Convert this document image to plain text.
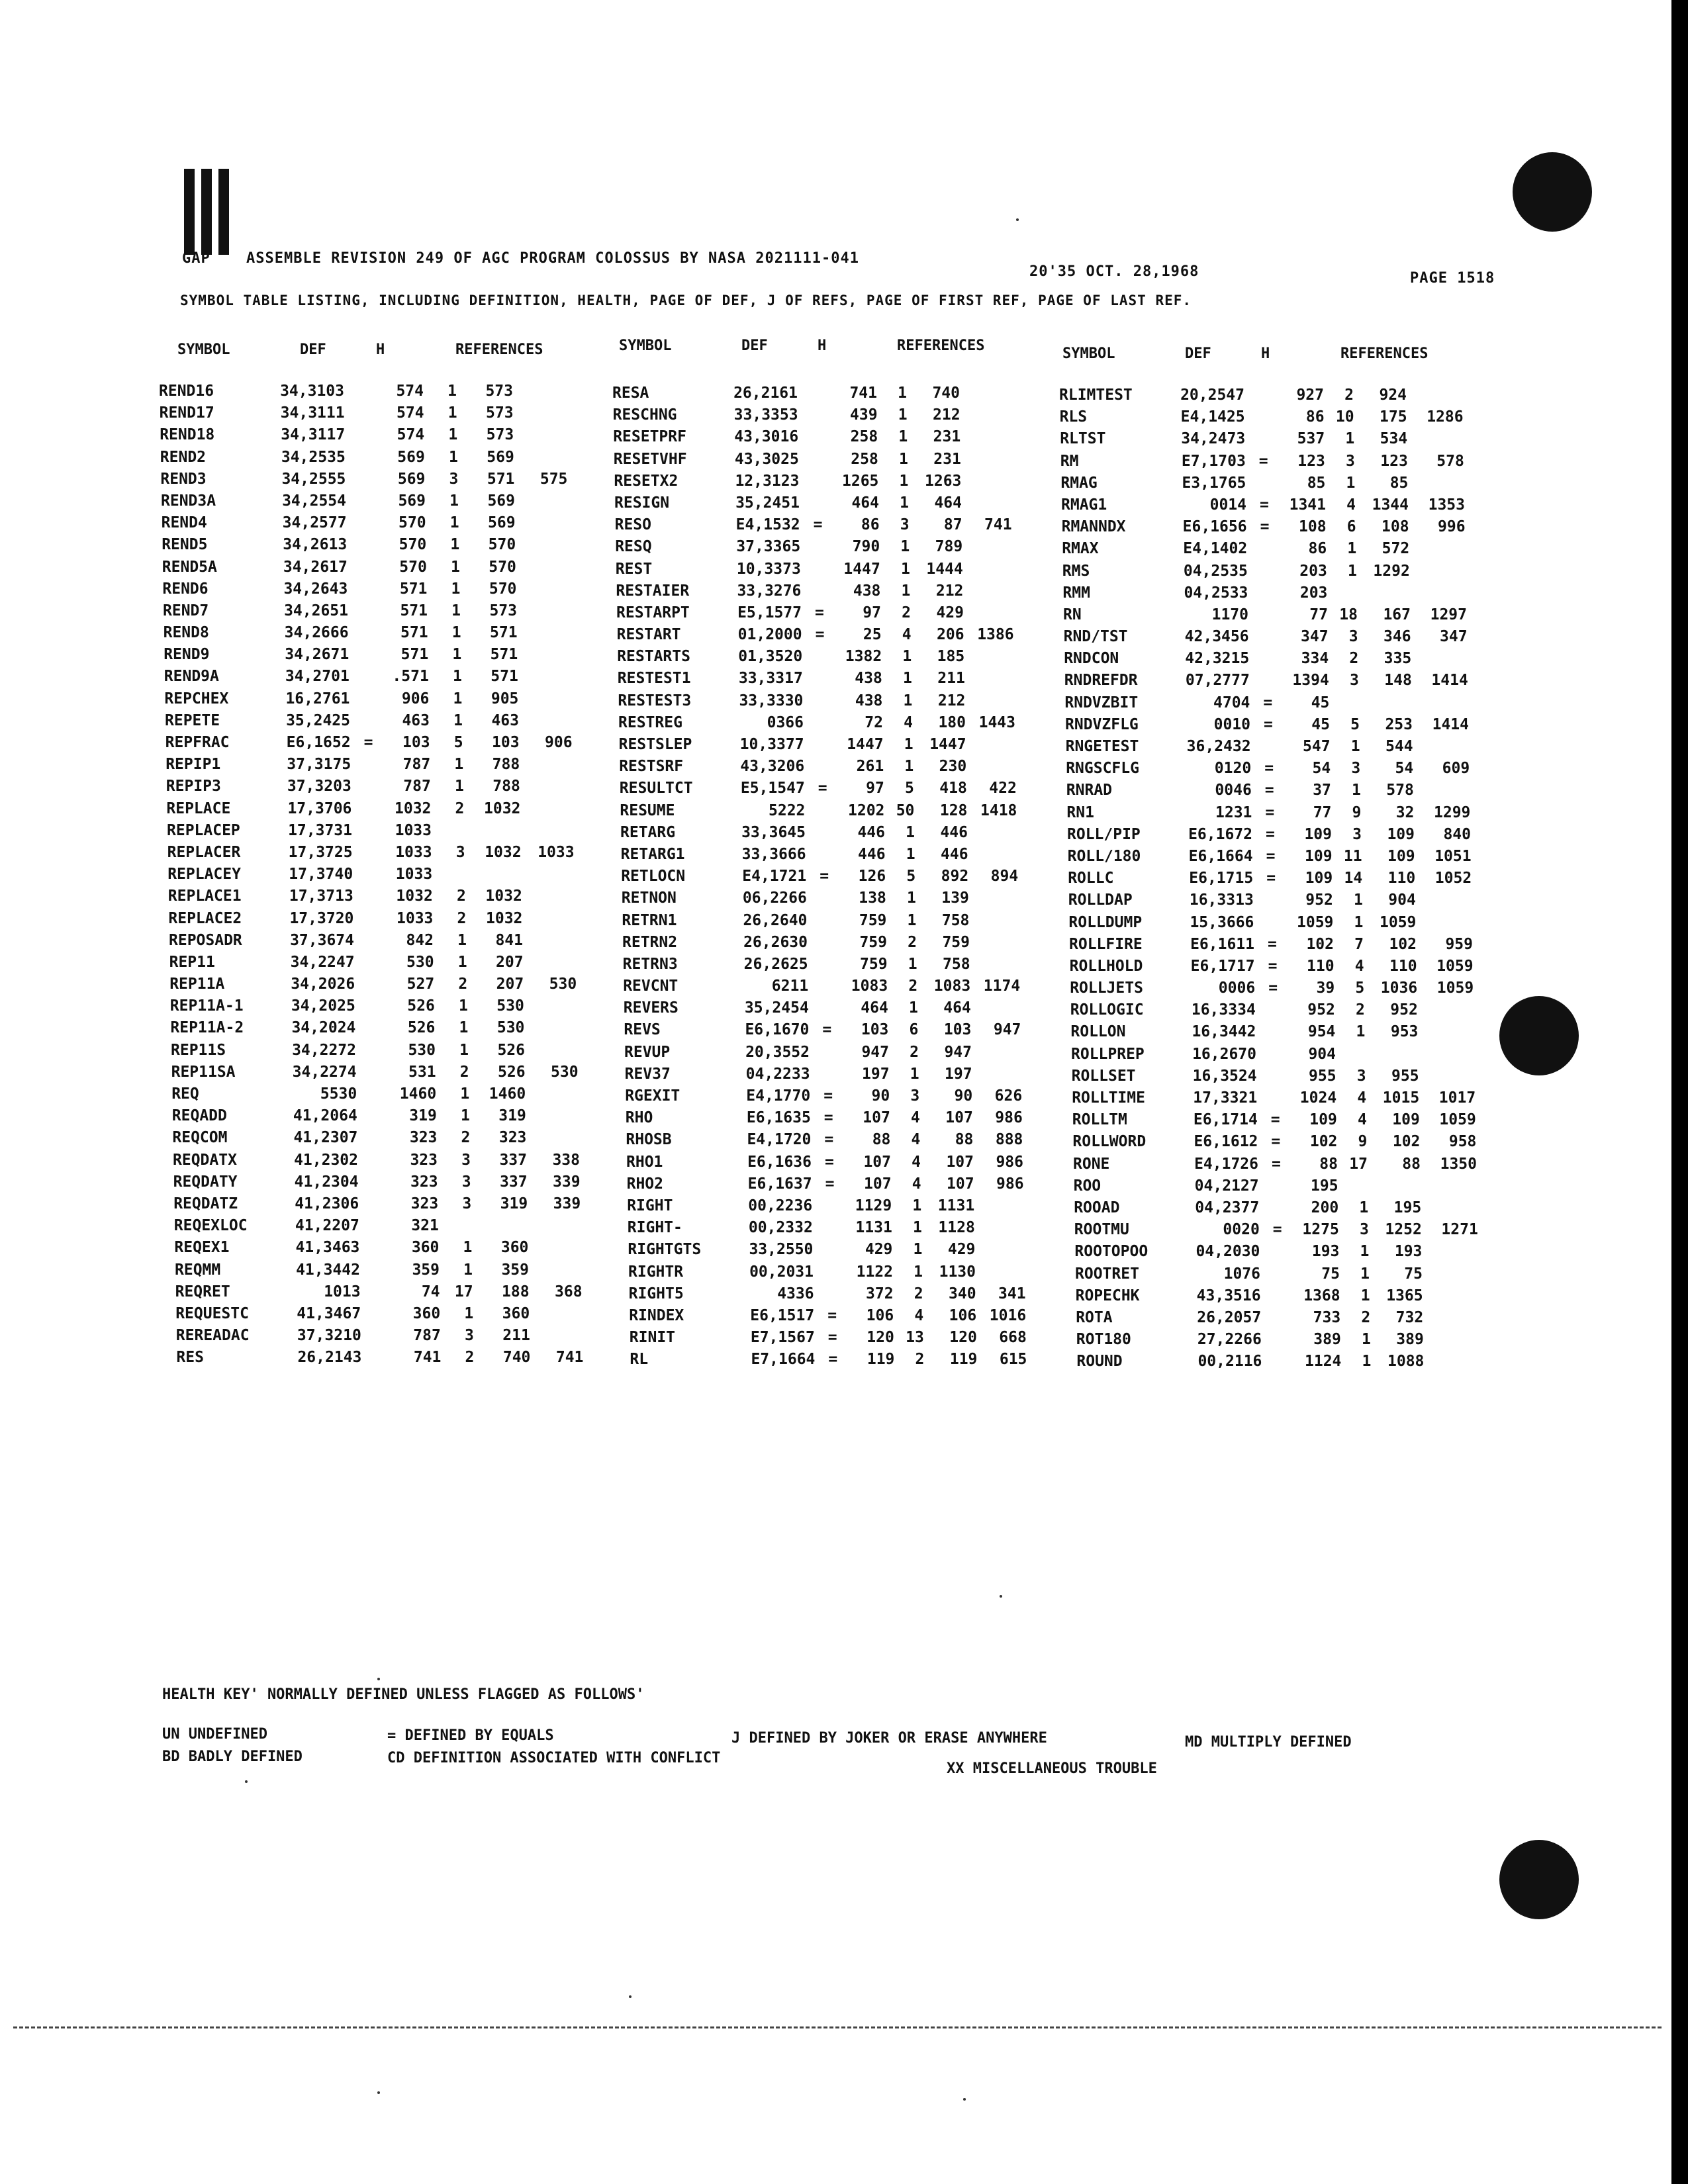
GAP ASSEMBLE REVISION 249 OF AGC PROGRAM COLOSSUS BY NASA 2021111-041
20'35 OCT. 28,1968	PAGE 1518
SYMBOL TABLE LISTING, INCLUDING DEFINITION, HEALTH, PAGE OF DEF, J OF REFS, PAGE OF FIRST REF, PAGE OF LAST REF.
SYMBOL	DEF	H	REFERENCES	SYMBOL	DEF	H	REFERENCES	SYMBOL	DEF	H	REFERENCES
REND16	34,3103	574	1	573	RESA	26,2161	741	1	740	RLIMTEST	20,2547	927	2	924
REND17	34,3111	574	1	573	RESCHNG	33,3353	439	1	212	RLS	E4,1425	86 10	175	1286
REND18	34,3117	574	1	573	RESETPRF	43,3016	258	1	231	RLTST	34,2473	537	1	534
REND2	34,2535	569	1	569	RESETVHF	43,3025	258	1	231	RM	E7,1703 =	123	3	123	578
REND3	34,2555	569	3	571	575	RESETX2	12,3123	1265	1	1263	RMAG	E3,1765	85	1	85
REND3A	34,2554	569	1	569	RESIGN	35,2451	464	1	464	RMAG1	0014 =	1341	4	1344	1353
REND4	34,2577	570	1	569	RESO	E4,1532 =	86	3	87	741	RMANNDX	E6,1656 =	108	6	108	996
REND5	34,2613	570	1	570	RESQ	37,3365	790	1	789	RMAX	E4,1402	86	1	572
REND5A	34,2617	570	1	570	REST	10,3373	1447	1	1444	RMS	04,2535	203	1	1292
REND6	34,2643	571	1	570	RESTAIER	33,3276	438	1	212	RMM	04,2533	203
REND7	34,2651	571	1	573	RESTARPT	E5,1577 =	97	2	429	RN	1170	77 18	167	1297
REND8	34,2666	571	1	571	RESTART	01,2000 =	25	4	206 1386	RND/TST	42,3456	347	3	346	347
REND9	34,2671	571	1	571	RESTARTS	01,3520	1382	1	185	RNDCON	42,3215	334	2	335
REND9A	34,2701	.571	1	571	RESTEST1	33,3317	438	1	211	RNDREFDR	07,2777	1394	3	148	1414
REPCHEX	16,2761	906	1	905	RESTEST3	33,3330	438	1	212	RNDVZBIT	4704 =	45
REPETE	35,2425	463	1	463	RESTREG	0366	72	4	180 1443	RNDVZFLG	0010 =	45	5	253	1414
REPFRAC	E6,1652 =	103	5	103	906	RESTSLEP	10,3377	1447	1	1447	RNGETEST	36,2432	547	1	544
REPIP1	37,3175	787	1	788	RESTSRF	43,3206	261	1	230	RNGSCFLG	0120 =	54	3	54	609
REPIP3	37,3203	787	1	788	RESULTCT	E5,1547 =	97	5	418	422	RNRAD	0046 =	37	1	578
REPLACE	17,3706	1032	2	1032	RESUME	5222	1202 50	128 1418	RN1	1231 =	77	9	32	1299
REPLACEP	17,3731	1033	RETARG	33,3645	446	1	446	ROLL/PIP	E6,1672 =	109	3	109	840
REPLACER	17,3725	1033	3	1032	1033	RETARG1	33,3666	446	1	446	ROLL/180	E6,1664 =	109 11	109	1051
REPLACEY	17,3740	1033	RETLOCN	E4,1721 =	126	5	892	894	ROLLC	E6,1715 =	109 14	110	1052
REPLACE1	17,3713	1032	2	1032	RETNON	06,2266	138	1	139	ROLLDAP	16,3313	952	1	904
REPLACE2	17,3720	1033	2	1032	RETRN1	26,2640	759	1	758	ROLLDUMP	15,3666	1059	1	1059
REPOSADR	37,3674	842	1	841	RETRN2	26,2630	759	2	759	ROLLFIRE	E6,1611 =	102	7	102	959
REP11	34,2247	530	1	207	RETRN3	26,2625	759	1	758	ROLLHOLD	E6,1717 =	110	4	110	1059
REP11A	34,2026	527	2	207	530	REVCNT	6211	1083	2	1083 1174	ROLLJETS	0006 =	39	5	1036	1059
REP11A-1	34,2025	526	1	530	REVERS	35,2454	464	1	464	ROLLOGIC	16,3334	952	2	952
REP11A-2	34,2024	526	1	530	REVS	E6,1670 =	103	6	103	947	ROLLON	16,3442	954	1	953
REP11S	34,2272	530	1	526	REVUP	20,3552	947	2	947	ROLLPREP	16,2670	904
REP11SA	34,2274	531	2	526	530	REV37	04,2233	197	1	197	ROLLSET	16,3524	955	3	955
REQ	5530	1460	1	1460	RGEXIT	E4,1770 =	90	3	90	626	ROLLTIME	17,3321	1024	4	1015	1017
REQADD	41,2064	319	1	319	RHO	E6,1635 =	107	4	107	986	ROLLTM	E6,1714 =	109	4	109	1059
REQCOM	41,2307	323	2	323	RHOSB	E4,1720 =	88	4	88	888	ROLLWORD	E6,1612 =	102	9	102	958
REQDATX	41,2302	323	3	337	338	RHO1	E6,1636 =	107	4	107	986	RONE	E4,1726 =	88 17	88	1350
REQDATY	41,2304	323	3	337	339	RHO2	E6,1637 =	107	4	107	986	ROO	04,2127	195
REQDATZ	41,2306	323	3	319	339	RIGHT	00,2236	1129	1	1131	ROOAD	04,2377	200	1	195
REQEXLOC	41,2207	321	RIGHT-	00,2332	1131	1	1128	ROOTMU	0020 =	1275	3	1252	1271
REQEX1	41,3463	360	1	360	RIGHTGTS	33,2550	429	1	429	ROOTOPOO	04,2030	193	1	193
REQMM	41,3442	359	1	359	RIGHTR	00,2031	1122	1	1130	ROOTRET	1076	75	1	75
REQRET	1013	74 17	188	368	RIGHT5	4336	372	2	340	341	ROPECHK	43,3516	1368	1	1365
REQUESTC	41,3467	360	1	360	RINDEX	E6,1517 =	106	4	106 1016	ROTA	26,2057	733	2	732
REREADAC	37,3210	787	3	211	RINIT	E7,1567 =	120 13	120	668	ROT180	27,2266	389	1	389
RES	26,2143	741	2	740	741	RL	E7,1664 =	119	2	119	615	ROUND	00,2116	1124	1	1088
HEALTH KEY' NORMALLY DEFINED UNLESS FLAGGED AS FOLLOWS'
UN UNDEFINED
BD BADLY DEFINED
= DEFINED BY EQUALS
CD DEFINITION ASSOCIATED WITH CONFLICT
J DEFINED BY JOKER OR ERASE ANYWHERE
XX MISCELLANEOUS TROUBLE
MD MULTIPLY DEFINED
